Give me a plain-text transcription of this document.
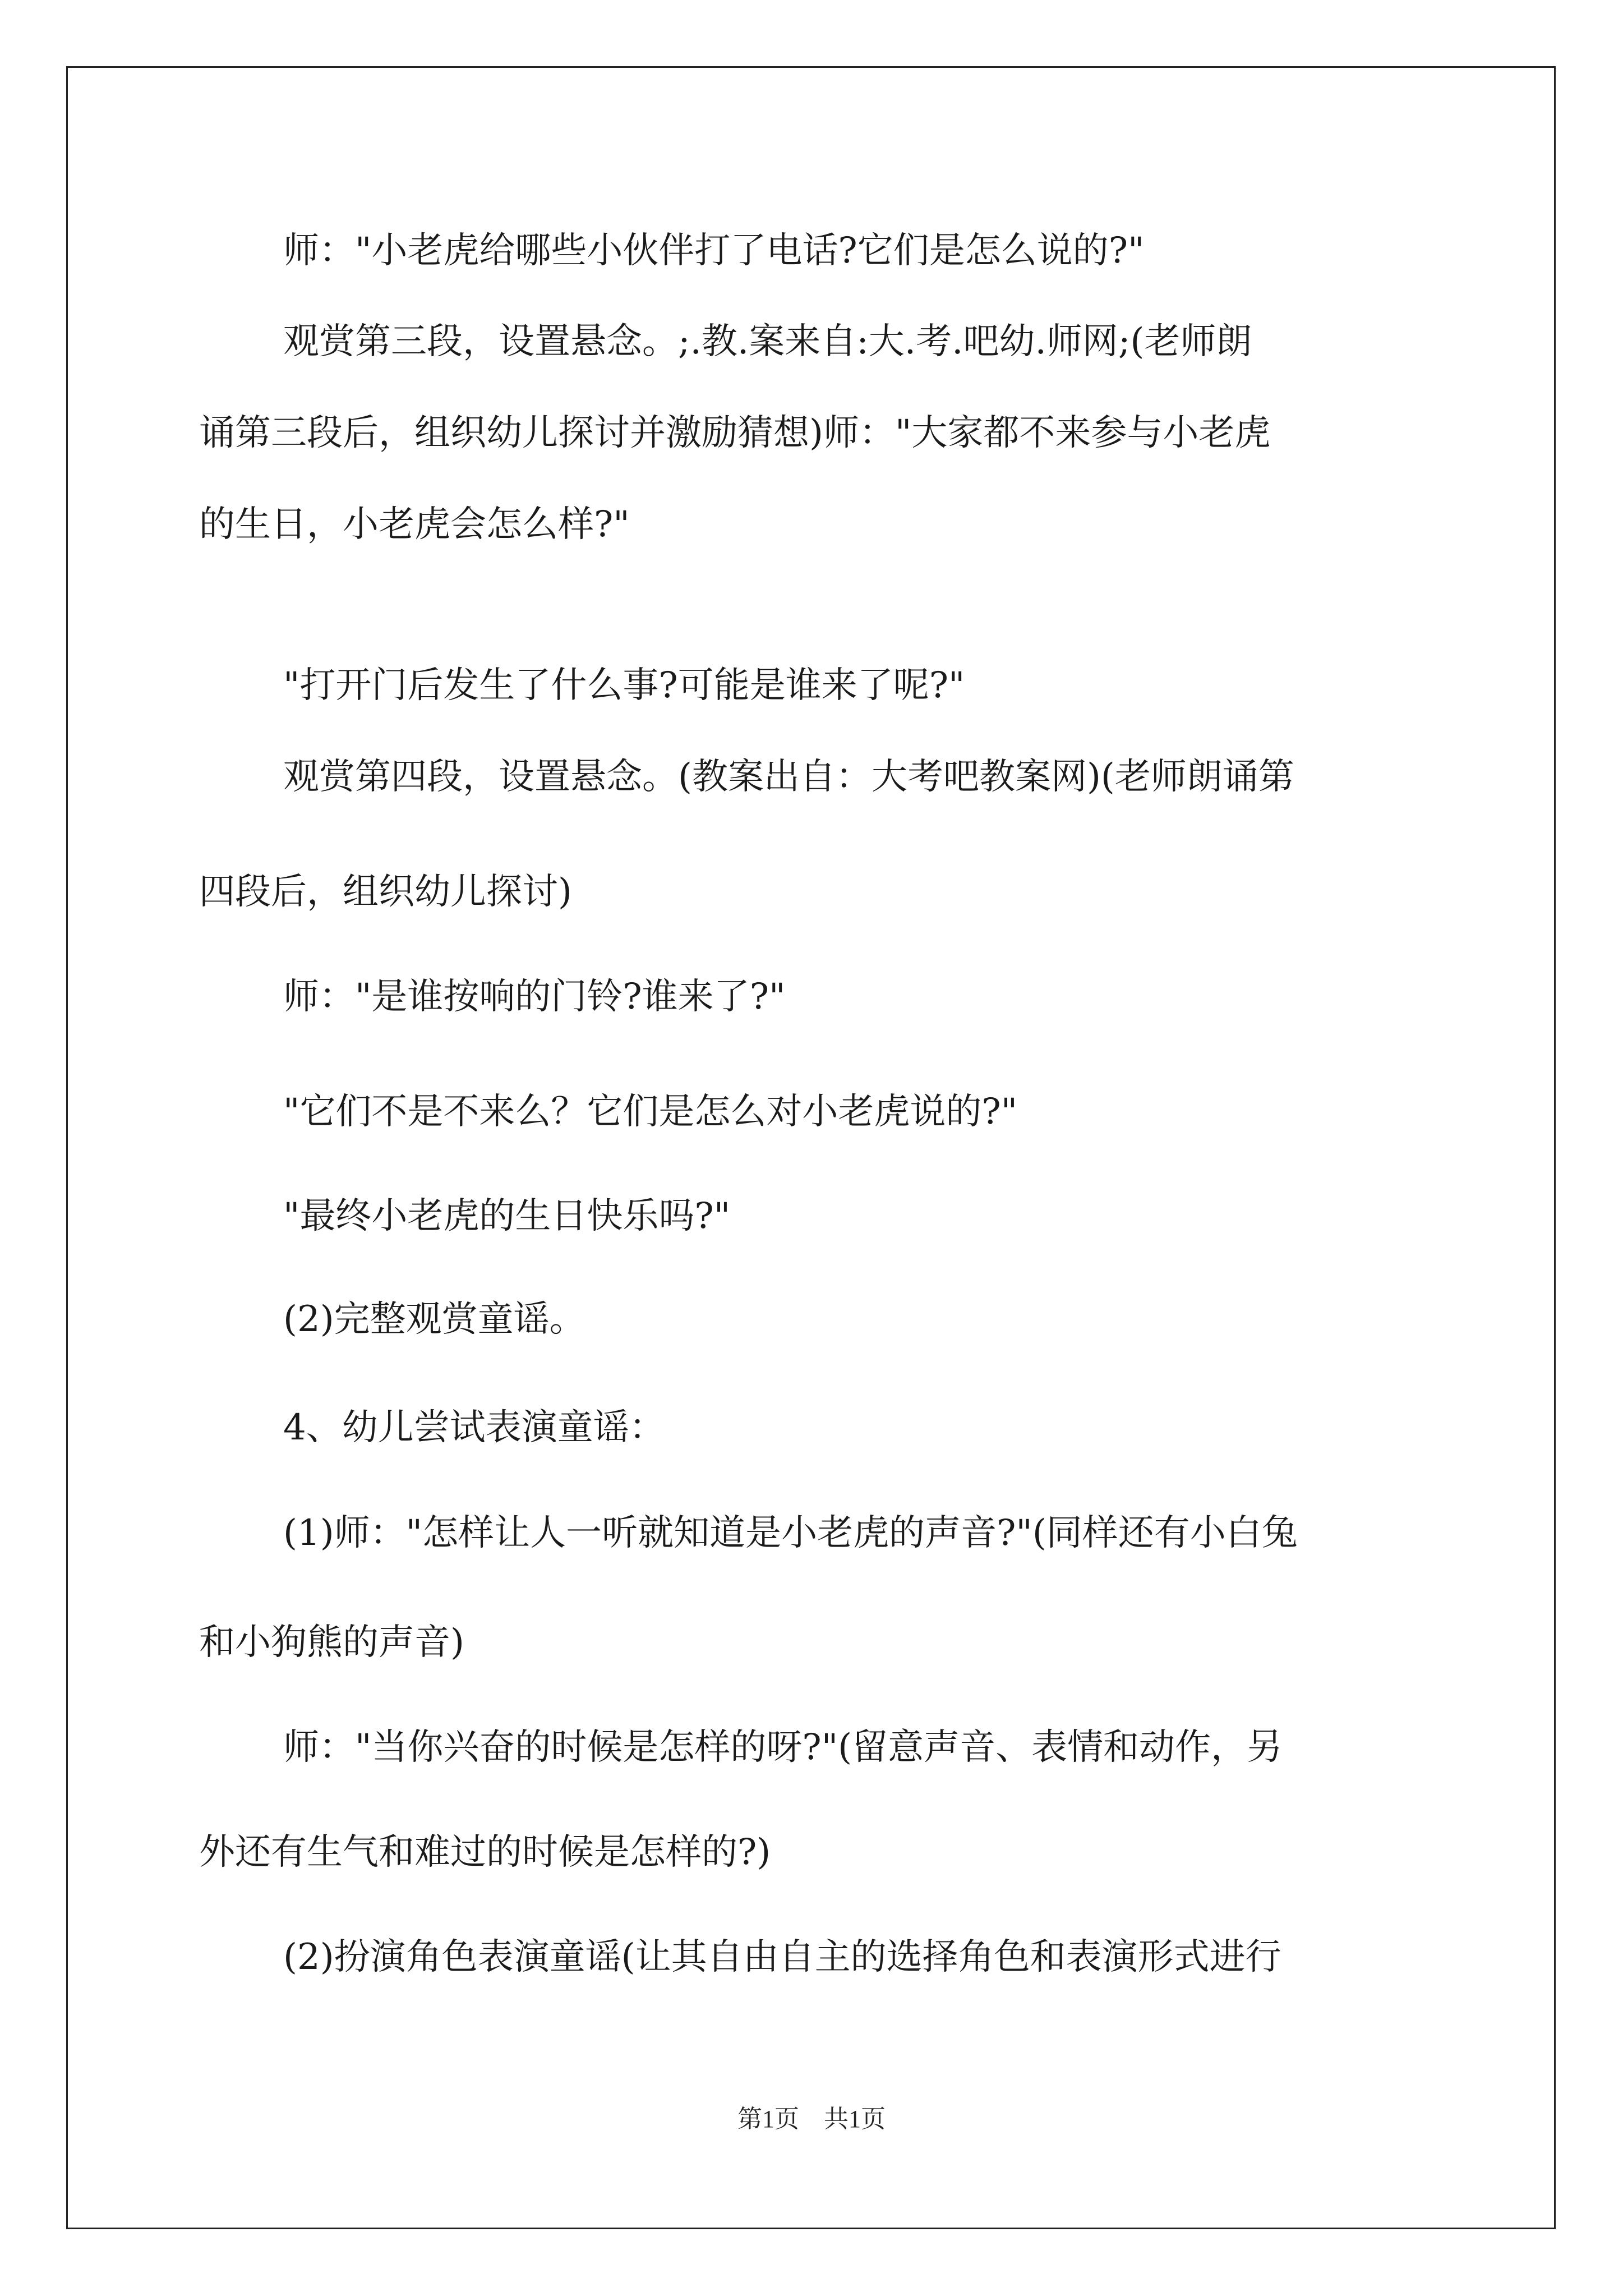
师："小老虎给哪些小伙伴打了电话?它们是怎么说的?"
观赏第三段，设置悬念。;.教.案来自:大.考.吧幼.师网;(老师朗
诵第三段后，组织幼儿探讨并激励猜想)师："大家都不来参与小老虎
的生日，小老虎会怎么样?"
"打开门后发生了什么事?可能是谁来了呢?"
观赏第四段，设置悬念。(教案出自：大考吧教案网)(老师朗诵第
四段后，组织幼儿探讨)
师："是谁按响的门铃?谁来了?"
"它们不是不来么？它们是怎么对小老虎说的?"
"最终小老虎的生日快乐吗?"
(2)完整观赏童谣。
4、幼儿尝试表演童谣：
(1)师："怎样让人一听就知道是小老虎的声音?"(同样还有小白兔
和小狗熊的声音)
师："当你兴奋的时候是怎样的呀?"(留意声音、表情和动作，另
外还有生气和难过的时候是怎样的?)
(2)扮演角色表演童谣(让其自由自主的选择角色和表演形式进行
第1页　共1页
